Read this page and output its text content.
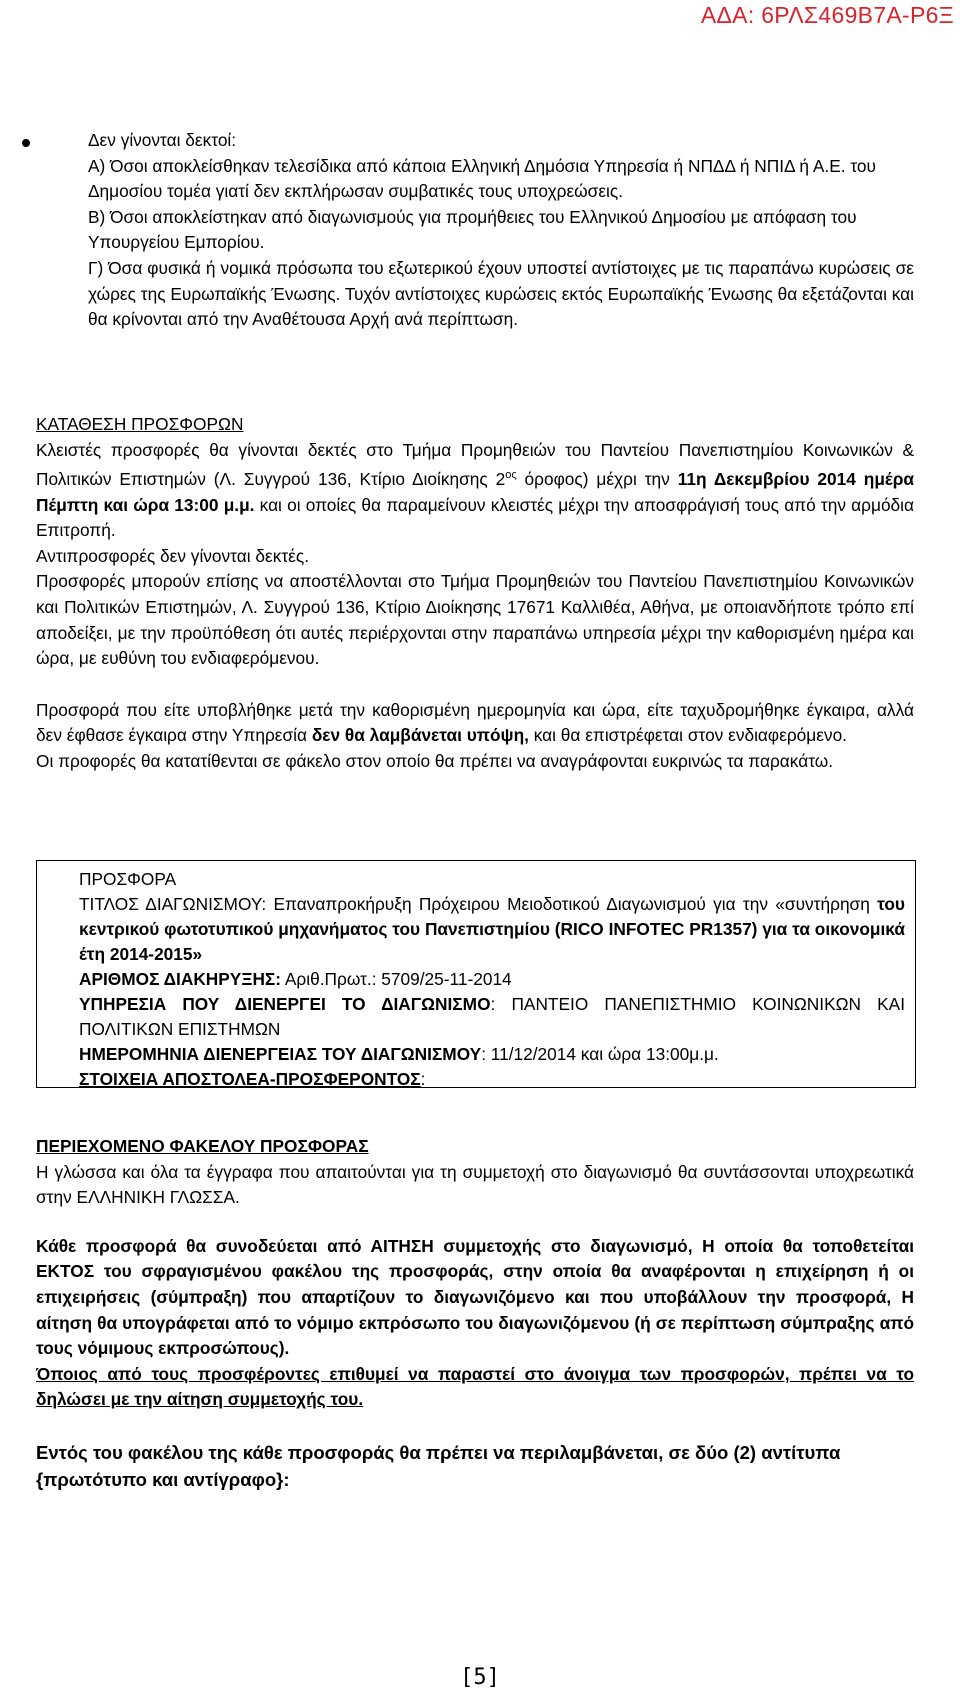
ΑΔΑ: 6ΡΛΣ469Β7Α-Ρ6Ξ

Δεν γίνονται δεκτοί:

Α) Όσοι αποκλείσθηκαν τελεσίδικα από κάποια Ελληνική Δημόσια Υπηρεσία ή ΝΠΔΔ ή ΝΠΙΔ ή Α.Ε. του Δημοσίου τομέα γιατί δεν εκπλήρωσαν συμβατικές τους υποχρεώσεις.

Β) Όσοι αποκλείστηκαν από διαγωνισμούς για προμήθειες του Ελληνικού Δημοσίου με απόφαση του Υπουργείου Εμπορίου.

Γ) Όσα φυσικά ή νομικά πρόσωπα του εξωτερικού έχουν υποστεί αντίστοιχες με τις παραπάνω κυρώσεις σε χώρες της Ευρωπαϊκής Ένωσης. Τυχόν αντίστοιχες κυρώσεις εκτός Ευρωπαϊκής Ένωσης θα εξετάζονται και θα κρίνονται από την Αναθέτουσα Αρχή ανά περίπτωση.

ΚΑΤΑΘΕΣΗ ΠΡΟΣΦΟΡΩΝ

Κλειστές προσφορές θα γίνονται δεκτές στο Τμήμα Προμηθειών του Παντείου Πανεπιστημίου Κοινωνικών & Πολιτικών Επιστημών (Λ. Συγγρού 136, Κτίριο Διοίκησης $2^{o\varsigma}$ όροφος) μέχρι την 11η Δεκεμβρίου 2014 ημέρα Πέμπτη και ώρα 13:00 μ.μ. και οι οποίες θα παραμείνουν κλειστές μέχρι την αποσφράγισή τους από την αρμόδια Επιτροπή.

Αντιπροσφορές δεν γίνονται δεκτές.

Προσφορές μπορούν επίσης να αποστέλλονται στο Τμήμα Προμηθειών του Παντείου Πανεπιστημίου Κοινωνικών και Πολιτικών Επιστημών, Λ. Συγγρού 136, Κτίριο Διοίκησης 17671 Καλλιθέα, Αθήνα, με οποιανδήποτε τρόπο επί αποδείξει, με την προϋπόθεση ότι αυτές περιέρχονται στην παραπάνω υπηρεσία μέχρι την καθορισμένη ημέρα και ώρα, με ευθύνη του ενδιαφερόμενου.

Προσφορά που είτε υποβλήθηκε μετά την καθορισμένη ημερομηνία και ώρα, είτε ταχυδρομήθηκε έγκαιρα, αλλά δεν έφθασε έγκαιρα στην Υπηρεσία δεν θα λαμβάνεται υπόψη, και θα επιστρέφεται στον ενδιαφερόμενο.

Οι προφορές θα κατατίθενται σε φάκελο στον οποίο θα πρέπει να αναγράφονται ευκρινώς τα παρακάτω.

ΠΡΟΣΦΟΡΑ

ΤΙΤΛΟΣ ΔΙΑΓΩΝΙΣΜΟΥ: Επαναπροκήρυξη Πρόχειρου Μειοδοτικού Διαγωνισμού για την «συντήρηση του κεντρικού φωτοτυπικού μηχανήματος του Πανεπιστημίου (RICO INFOTEC PR1357) για τα οικονομικά έτη 2014-2015»

ΑΡΙΘΜΟΣ ΔΙΑΚΗΡΥΞΗΣ: Αριθ.Πρωτ.: 5709/25-11-2014

ΥΠΗΡΕΣΙΑ ΠΟΥ ΔΙΕΝΕΡΓΕΙ ΤΟ ΔΙΑΓΩΝΙΣΜΟ: ΠΑΝΤΕΙΟ ΠΑΝΕΠΙΣΤΗΜΙΟ ΚΟΙΝΩΝΙΚΩΝ ΚΑΙ ΠΟΛΙΤΙΚΩΝ ΕΠΙΣΤΗΜΩΝ

ΗΜΕΡΟΜΗΝΙΑ ΔΙΕΝΕΡΓΕΙΑΣ ΤΟΥ ΔΙΑΓΩΝΙΣΜΟΥ: 11/12/2014 και ώρα 13:00μ.μ.

ΣΤΟΙΧΕΙΑ ΑΠΟΣΤΟΛΕΑ-ΠΡΟΣΦΕΡΟΝΤΟΣ:

ΠΕΡΙΕΧΟΜΕΝΟ ΦΑΚΕΛΟΥ ΠΡΟΣΦΟΡΑΣ

Η γλώσσα και όλα τα έγγραφα που απαιτούνται για τη συμμετοχή στο διαγωνισμό θα συντάσσονται υποχρεωτικά στην ΕΛΛΗΝΙΚΗ ΓΛΩΣΣΑ.

Κάθε προσφορά θα συνοδεύεται από ΑΙΤΗΣΗ συμμετοχής στο διαγωνισμό, Η οποία θα τοποθετείται ΕΚΤΟΣ του σφραγισμένου φακέλου της προσφοράς, στην οποία θα αναφέρονται η επιχείρηση ή οι επιχειρήσεις (σύμπραξη) που απαρτίζουν το διαγωνιζόμενο και που υποβάλλουν την προσφορά, Η αίτηση θα υπογράφεται από το νόμιμο εκπρόσωπο του διαγωνιζόμενου (ή σε περίπτωση σύμπραξης από τους νόμιμους εκπροσώπους).

Όποιος από τους προσφέροντες επιθυμεί να παραστεί στο άνοιγμα των προσφορών, πρέπει να το δηλώσει με την αίτηση συμμετοχής του.

Εντός του φακέλου της κάθε προσφοράς θα πρέπει να περιλαμβάνεται, σε δύο (2) αντίτυπα {πρωτότυπο και αντίγραφο}:

[5]
